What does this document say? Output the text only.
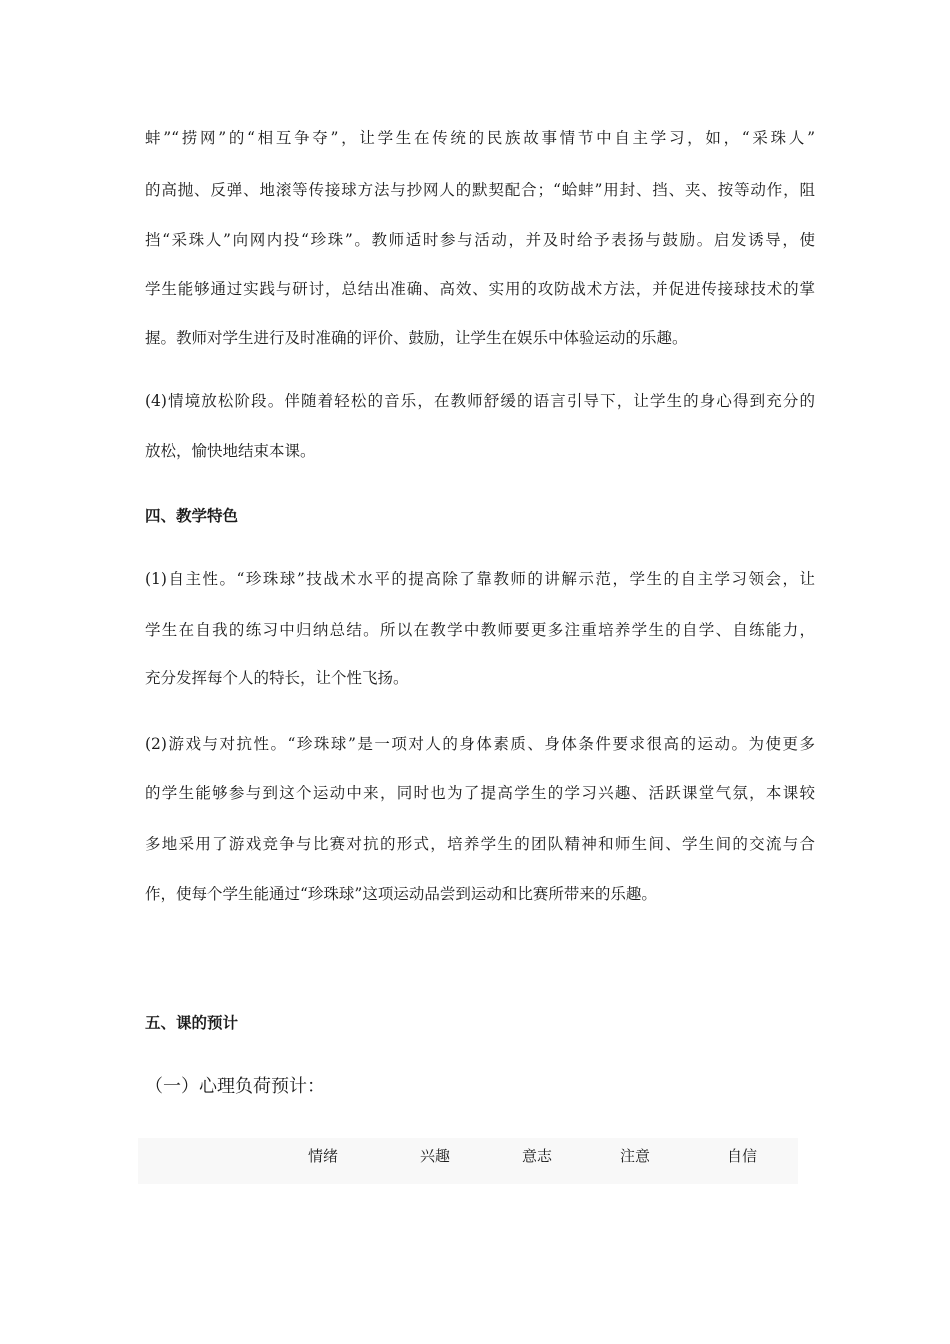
蚌”“捞网”的“相互争夺”，让学生在传统的民族故事情节中自主学习，如，“采珠人”
的高抛、反弹、地滚等传接球方法与抄网人的默契配合；“蛤蚌”用封、挡、夹、按等动作，阻
挡“采珠人”向网内投“珍珠”。教师适时参与活动，并及时给予表扬与鼓励。启发诱导，使
学生能够通过实践与研讨，总结出准确、高效、实用的攻防战术方法，并促进传接球技术的掌
握。教师对学生进行及时准确的评价、鼓励，让学生在娱乐中体验运动的乐趣。
(4)情境放松阶段。伴随着轻松的音乐，在教师舒缓的语言引导下，让学生的身心得到充分的
放松，愉快地结束本课。
四、教学特色
(1)自主性。“珍珠球”技战术水平的提高除了靠教师的讲解示范，学生的自主学习领会，让
学生在自我的练习中归纳总结。所以在教学中教师要更多注重培养学生的自学、自练能力，
充分发挥每个人的特长，让个性飞扬。
(2)游戏与对抗性。“珍珠球”是一项对人的身体素质、身体条件要求很高的运动。为使更多
的学生能够参与到这个运动中来，同时也为了提高学生的学习兴趣、活跃课堂气氛，本课较
多地采用了游戏竞争与比赛对抗的形式，培养学生的团队精神和师生间、学生间的交流与合
作，使每个学生能通过“珍珠球”这项运动品尝到运动和比赛所带来的乐趣。
五、课的预计
（一）心理负荷预计：
情绪	兴趣	意志	注意	自信
